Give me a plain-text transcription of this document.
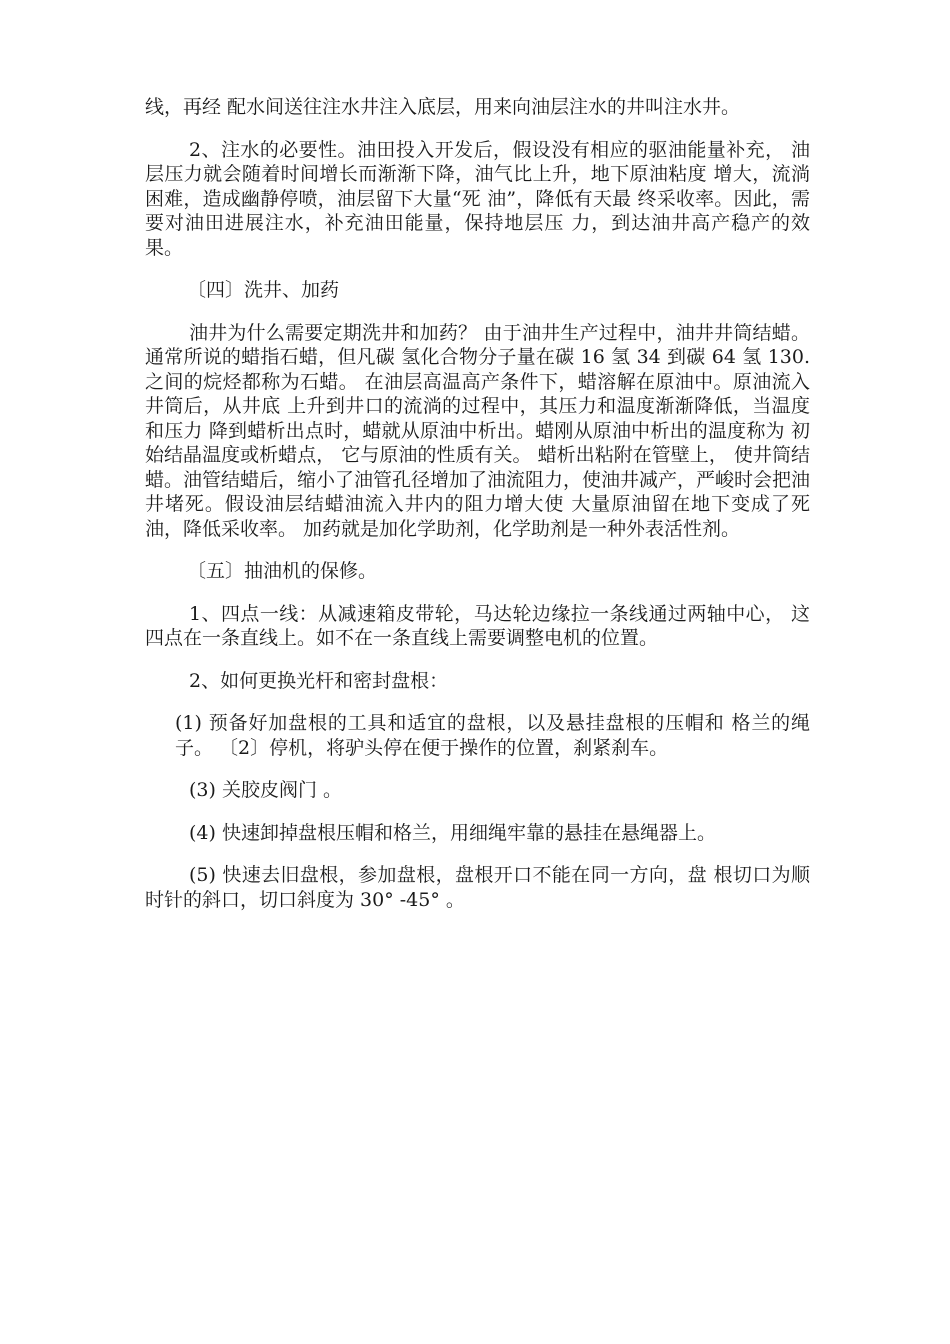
线，再经 配水间送往注水井注入底层，用来向油层注水的井叫注水井。

2、注水的必要性。油田投入开发后，假设没有相应的驱油能量补充， 油层压力就会随着时间增长而渐渐下降，油气比上升，地下原油粘度 增大，流淌困难，造成幽静停喷，油层留下大量“死 油”，降低有天最 终采收率。因此，需要对油田进展注水，补充油田能量，保持地层压 力，到达油井高产稳产的效果。

〔四〕洗井、加药

油井为什么需要定期洗井和加药？ 由于油井生产过程中，油井井筒结蜡。通常所说的蜡指石蜡，但凡碳 氢化合物分子量在碳 16 氢 34 到碳 64 氢 130.之间的烷烃都称为石蜡。 在油层高温高产条件下，蜡溶解在原油中。原油流入井筒后，从井底 上升到井口的流淌的过程中，其压力和温度渐渐降低，当温度和压力 降到蜡析出点时，蜡就从原油中析出。蜡刚从原油中析出的温度称为 初始结晶温度或析蜡点， 它与原油的性质有关。 蜡析出粘附在管壁上， 使井筒结蜡。油管结蜡后，缩小了油管孔径增加了油流阻力，使油井减产，严峻时会把油井堵死。假设油层结蜡油流入井内的阻力增大使 大量原油留在地下变成了死油，降低采收率。 加药就是加化学助剂，化学助剂是一种外表活性剂。

〔五〕抽油机的保修。

1、四点一线：从减速箱皮带轮，马达轮边缘拉一条线通过两轴中心， 这四点在一条直线上。如不在一条直线上需要调整电机的位置。

2、如何更换光杆和密封盘根：

(1) 预备好加盘根的工具和适宜的盘根，以及悬挂盘根的压帽和 格兰的绳子。 〔2〕停机，将驴头停在便于操作的位置，刹紧刹车。

(3) 关胶皮阀门 。

(4) 快速卸掉盘根压帽和格兰，用细绳牢靠的悬挂在悬绳器上。

(5) 快速去旧盘根，参加盘根，盘根开口不能在同一方向，盘 根切口为顺时针的斜口，切口斜度为 30° -45° 。
